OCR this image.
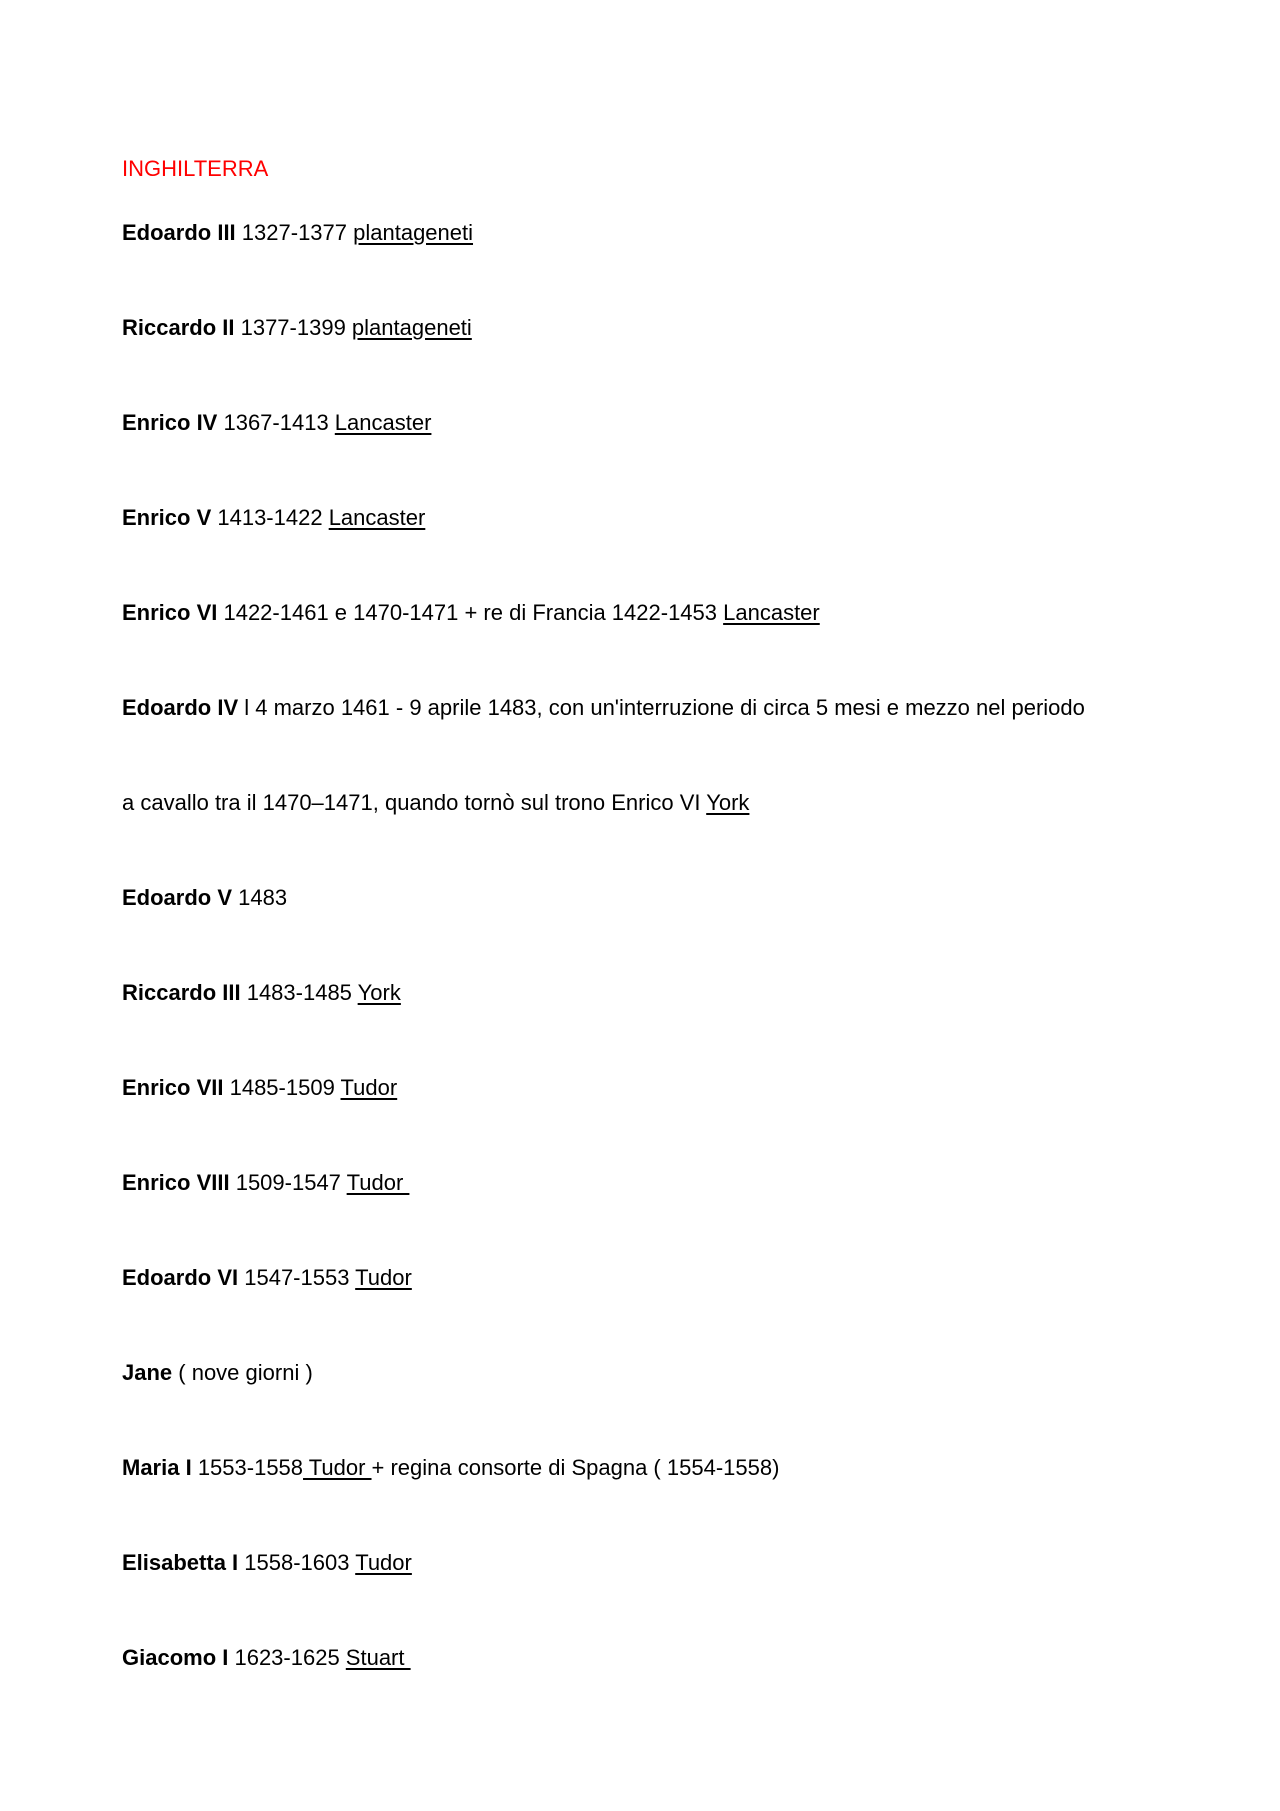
INGHILTERRA
Edoardo III 1327-1377 plantageneti
Riccardo II 1377-1399 plantageneti
Enrico IV 1367-1413 Lancaster
Enrico V 1413-1422 Lancaster
Enrico VI 1422-1461 e 1470-1471 + re di Francia 1422-1453 Lancaster
Edoardo IV l 4 marzo 1461 - 9 aprile 1483, con un'interruzione di circa 5 mesi e mezzo nel periodo
a cavallo tra il 1470–1471, quando tornò sul trono Enrico VI York
Edoardo V 1483
Riccardo III 1483-1485 York
Enrico VII 1485-1509 Tudor
Enrico VIII 1509-1547 Tudor
Edoardo VI 1547-1553 Tudor
Jane ( nove giorni )
Maria I 1553-1558 Tudor + regina consorte di Spagna ( 1554-1558)
Elisabetta I 1558-1603 Tudor
Giacomo I 1623-1625 Stuart
